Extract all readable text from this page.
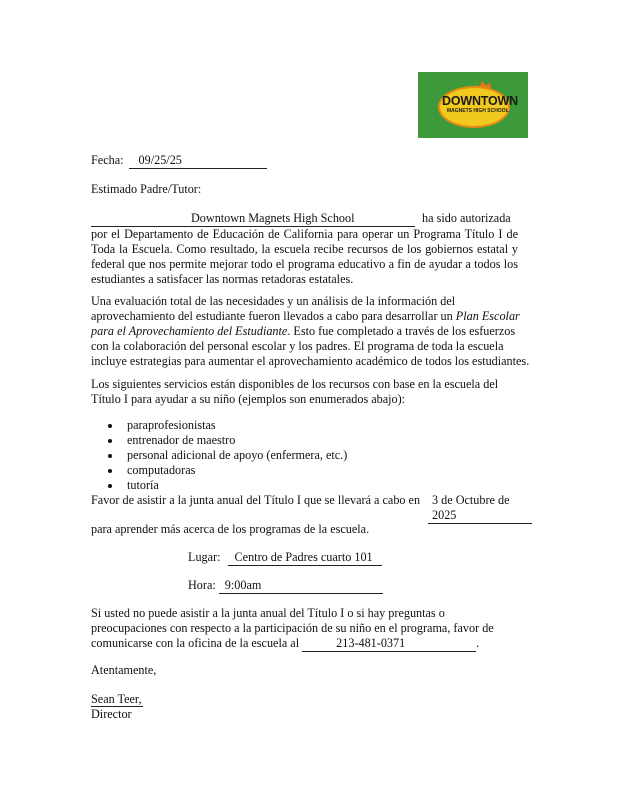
DOWNTOWN
MAGNETS HIGH SCHOOL
Fecha: 09/25/25
Estimado Padre/Tutor:

Downtown Magnets High School	ha sido autorizada

por el Departamento de Educación de California para operar un Programa Título I de Toda la Escuela. Como resultado, la escuela recibe recursos de los gobiernos estatal y federal que nos permite mejorar todo el programa educativo a fin de ayudar a todos los estudiantes a satisfacer las normas retadoras estatales.

Una evaluación total de las necesidades y un análisis de la información del aprovechamiento del estudiante fueron llevados a cabo para desarrollar un Plan Escolar para el Aprovechamiento del Estudiante. Esto fue completado a través de los esfuerzos con la colaboración del personal escolar y los padres. El programa de toda la escuela incluye estrategias para aumentar el aprovechamiento académico de todos los estudiantes.

Los siguientes servicios están disponibles de los recursos con base en la escuela del Título I para ayudar a su niño (ejemplos son enumerados abajo):
paraprofesionistas
entrenador de maestro
personal adicional de apoyo (enfermera, etc.)
computadoras
tutoría
Favor de asistir a la junta anual del Título I que se llevará a cabo en 3 de Octubre de
2025
para aprender más acerca de los programas de la escuela.
Lugar: Centro de Padres cuarto 101
Hora: 9:00am
Si usted no puede asistir a la junta anual del Título I o si hay preguntas o preocupaciones con respecto a la participación de su niño en el programa, favor de comunicarse con la oficina de la escuela al	213-481-0371	.
Atentamente,
Sean Teer,
Director
